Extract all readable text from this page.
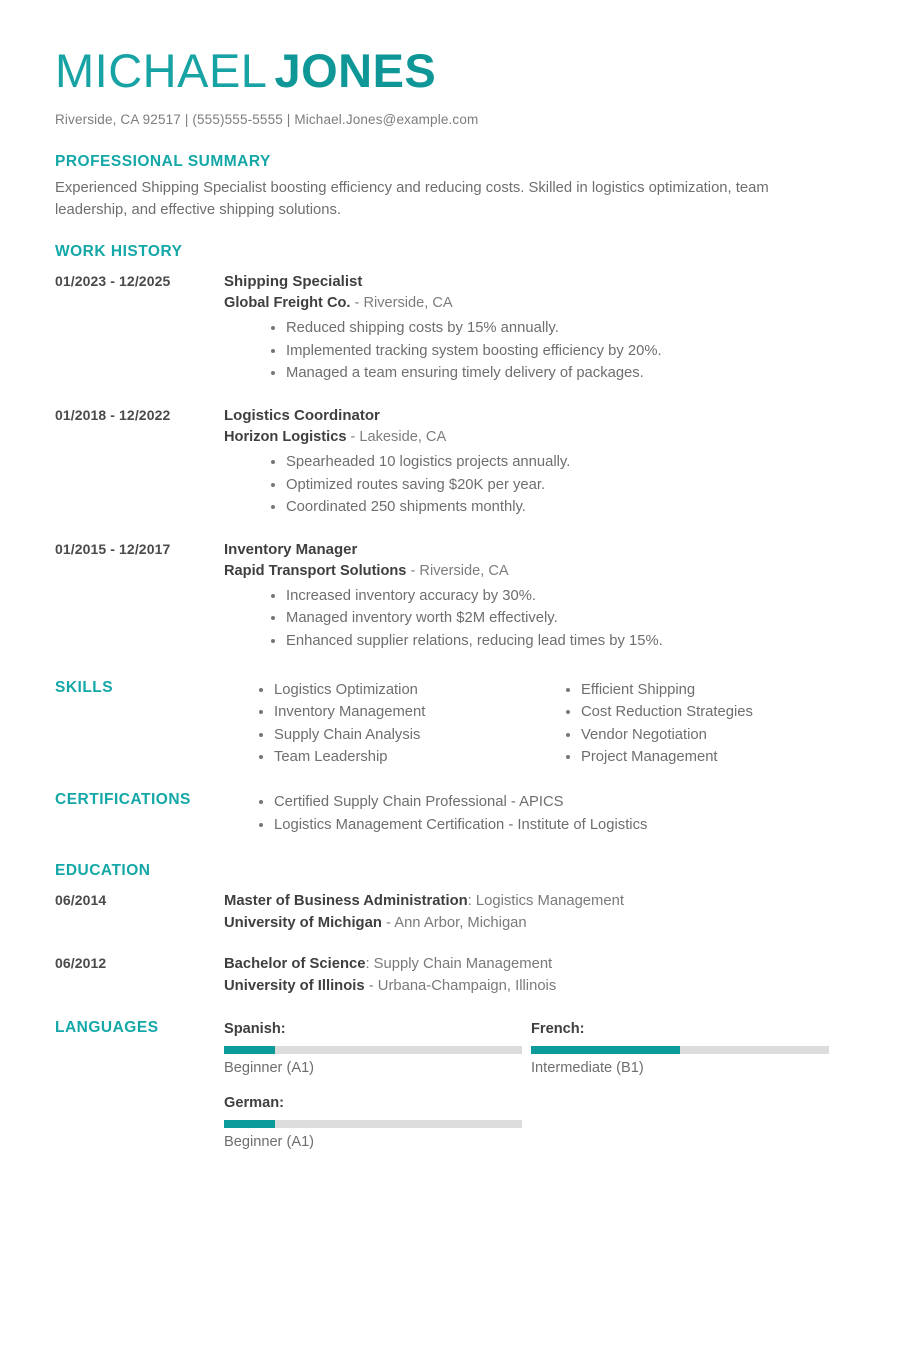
MICHAEL JONES
Riverside, CA 92517 | (555)555-5555 | Michael.Jones@example.com
PROFESSIONAL SUMMARY
Experienced Shipping Specialist boosting efficiency and reducing costs. Skilled in logistics optimization, team leadership, and effective shipping solutions.
WORK HISTORY
01/2023 - 12/2025	Shipping Specialist
Global Freight Co. - Riverside, CA
Reduced shipping costs by 15% annually.
Implemented tracking system boosting efficiency by 20%.
Managed a team ensuring timely delivery of packages.
01/2018 - 12/2022	Logistics Coordinator
Horizon Logistics - Lakeside, CA
Spearheaded 10 logistics projects annually.
Optimized routes saving $20K per year.
Coordinated 250 shipments monthly.
01/2015 - 12/2017	Inventory Manager
Rapid Transport Solutions - Riverside, CA
Increased inventory accuracy by 30%.
Managed inventory worth $2M effectively.
Enhanced supplier relations, reducing lead times by 15%.
SKILLS	Logistics Optimization
Inventory Management
Supply Chain Analysis
Team Leadership
Efficient Shipping
Cost Reduction Strategies
Vendor Negotiation
Project Management
CERTIFICATIONS	Certified Supply Chain Professional - APICS
Logistics Management Certification - Institute of Logistics
EDUCATION
06/2014	Master of Business Administration: Logistics Management
University of Michigan - Ann Arbor, Michigan
06/2012	Bachelor of Science: Supply Chain Management
University of Illinois - Urbana-Champaign, Illinois
LANGUAGES	Spanish:
Beginner (A1)
French:
Intermediate (B1)
German:
Beginner (A1)
